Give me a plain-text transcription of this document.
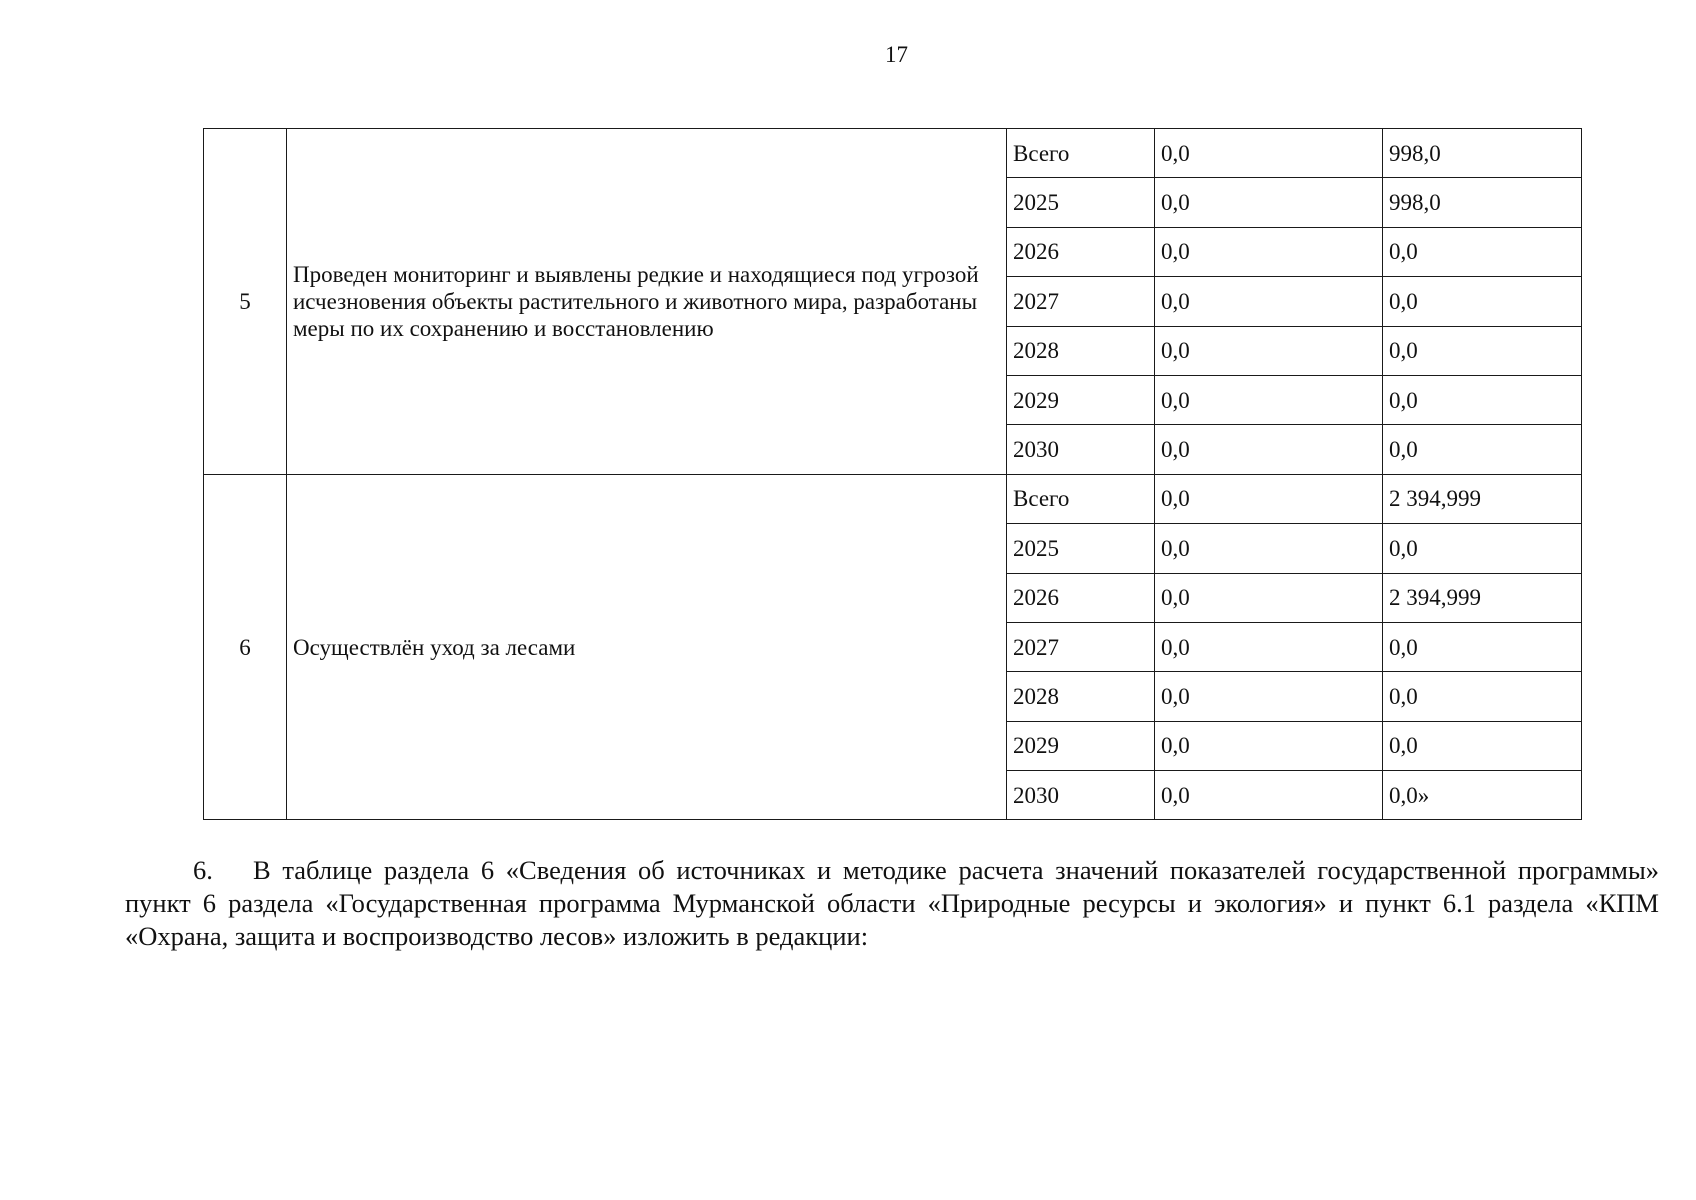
17
5	Проведен мониторинг и выявлены редкие и находящиеся под угрозой исчезновения объекты растительного и животного мира, разработаны меры по их сохранению и восстановлению	Всего	0,0	998,0
		2025	0,0	998,0
		2026	0,0	0,0
		2027	0,0	0,0
		2028	0,0	0,0
		2029	0,0	0,0
		2030	0,0	0,0
6	Осуществлён уход за лесами	Всего	0,0	2 394,999
		2025	0,0	0,0
		2026	0,0	2 394,999
		2027	0,0	0,0
		2028	0,0	0,0
		2029	0,0	0,0
		2030	0,0	0,0»

6. В таблице раздела 6 «Сведения об источниках и методике расчета значений показателей государственной программы» пункт 6 раздела «Государственная программа Мурманской области «Природные ресурсы и экология» и пункт 6.1 раздела «КПМ «Охрана, защита и воспроизводство лесов» изложить в редакции:
